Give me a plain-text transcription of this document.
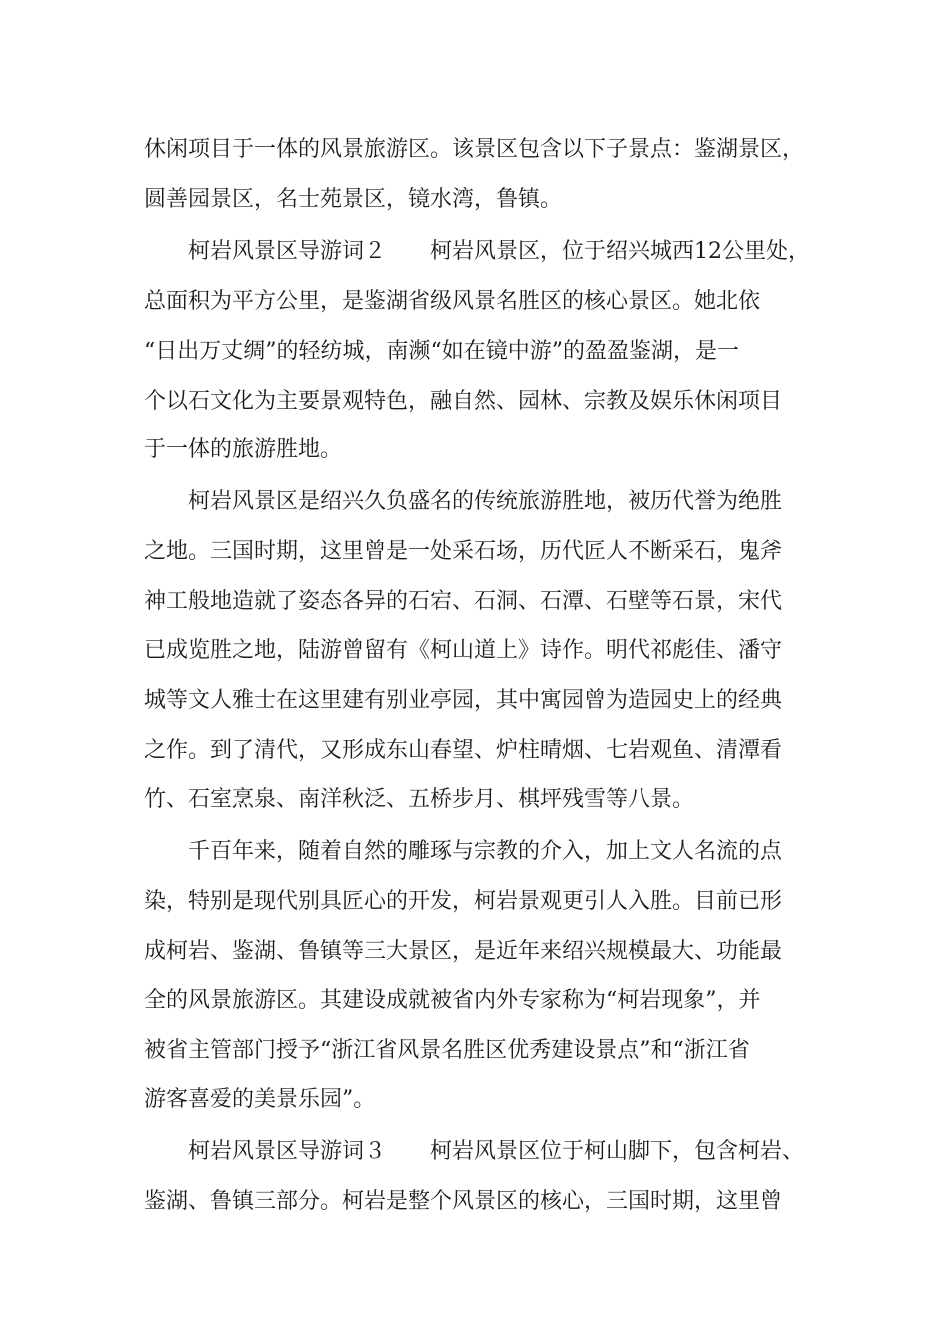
休闲项目于一体的风景旅游区。该景区包含以下子景点：鉴湖景区，
圆善园景区，名士苑景区，镜水湾，鲁镇。
柯岩风景区导游词２　　柯岩风景区，位于绍兴城西12公里处，
总面积为平方公里，是鉴湖省级风景名胜区的核心景区。她北依
“日出万丈绸”的轻纺城，南濒“如在镜中游”的盈盈鉴湖，是一
个以石文化为主要景观特色，融自然、园林、宗教及娱乐休闲项目
于一体的旅游胜地。
柯岩风景区是绍兴久负盛名的传统旅游胜地，被历代誉为绝胜
之地。三国时期，这里曾是一处采石场，历代匠人不断采石，鬼斧
神工般地造就了姿态各异的石宕、石洞、石潭、石壁等石景，宋代
已成览胜之地，陆游曾留有《柯山道上》诗作。明代祁彪佳、潘守
城等文人雅士在这里建有别业亭园，其中寓园曾为造园史上的经典
之作。到了清代，又形成东山春望、炉柱晴烟、七岩观鱼、清潭看
竹、石室烹泉、南洋秋泛、五桥步月、棋坪残雪等八景。
千百年来，随着自然的雕琢与宗教的介入，加上文人名流的点
染，特别是现代别具匠心的开发，柯岩景观更引人入胜。目前已形
成柯岩、鉴湖、鲁镇等三大景区，是近年来绍兴规模最大、功能最
全的风景旅游区。其建设成就被省内外专家称为“柯岩现象”，并
被省主管部门授予“浙江省风景名胜区优秀建设景点”和“浙江省
游客喜爱的美景乐园”。
柯岩风景区导游词３　　柯岩风景区位于柯山脚下，包含柯岩、
鉴湖、鲁镇三部分。柯岩是整个风景区的核心，三国时期，这里曾
